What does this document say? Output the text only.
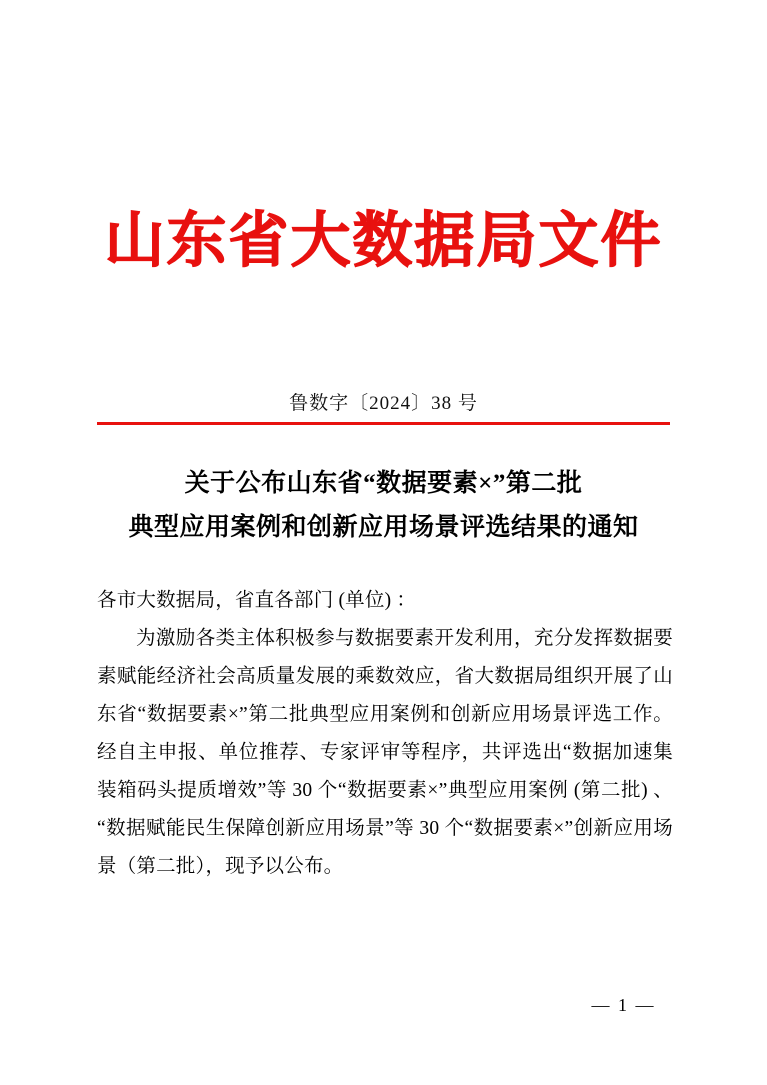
山东省大数据局文件
鲁数字〔2024〕38 号
关于公布山东省“数据要素×”第二批
典型应用案例和创新应用场景评选结果的通知

各市大数据局，省直各部门 (单位) ：

为激励各类主体积极参与数据要素开发利用，充分发挥数据要素赋能经济社会高质量发展的乘数效应，省大数据局组织开展了山东省“数据要素×”第二批典型应用案例和创新应用场景评选工作。经自主申报、单位推荐、专家评审等程序，共评选出“数据加速集装箱码头提质增效”等 30 个“数据要素×”典型应用案例 (第二批) 、 “数据赋能民生保障创新应用场景”等 30 个“数据要素×”创新应用场景（第二批），现予以公布。

— 1 —
